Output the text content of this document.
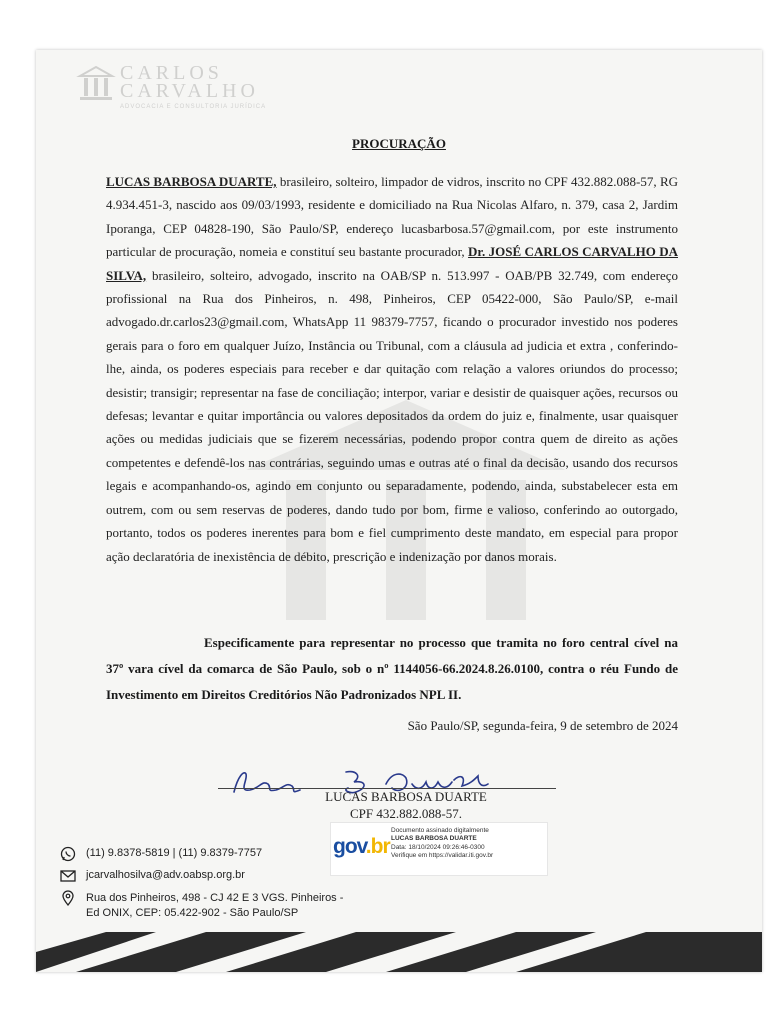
CARLOS
CARVALHO
ADVOCACIA E CONSULTORIA JURÍDICA
PROCURAÇÃO

LUCAS BARBOSA DUARTE, brasileiro, solteiro, limpador de vidros, inscrito no CPF 432.882.088-57, RG 4.934.451-3, nascido aos 09/03/1993, residente e domiciliado na Rua Nicolas Alfaro, n. 379, casa 2, Jardim Iporanga, CEP 04828-190, São Paulo/SP, endereço lucasbarbosa.57@gmail.com, por este instrumento particular de procuração, nomeia e constituí seu bastante procurador, Dr. JOSÉ CARLOS CARVALHO DA SILVA, brasileiro, solteiro, advogado, inscrito na OAB/SP n. 513.997 - OAB/PB 32.749, com endereço profissional na Rua dos Pinheiros, n. 498, Pinheiros, CEP 05422-000, São Paulo/SP, e-mail advogado.dr.carlos23@gmail.com, WhatsApp 11 98379-7757, ficando o procurador investido nos poderes gerais para o foro em qualquer Juízo, Instância ou Tribunal, com a cláusula ad judicia et extra , conferindo-lhe, ainda, os poderes especiais para receber e dar quitação com relação a valores oriundos do processo; desistir; transigir; representar na fase de conciliação; interpor, variar e desistir de quaisquer ações, recursos ou defesas; levantar e quitar importância ou valores depositados da ordem do juiz e, finalmente, usar quaisquer ações ou medidas judiciais que se fizerem necessárias, podendo propor contra quem de direito as ações competentes e defendê-los nas contrárias, seguindo umas e outras até o final da decisão, usando dos recursos legais e acompanhando-os, agindo em conjunto ou separadamente, podendo, ainda, substabelecer esta em outrem, com ou sem reservas de poderes, dando tudo por bom, firme e valioso, conferindo ao outorgado, portanto, todos os poderes inerentes para bom e fiel cumprimento deste mandato, em especial para propor ação declaratória de inexistência de débito, prescrição e indenização por danos morais.

Especificamente para representar no processo que tramita no foro central cível na 37º vara cível da comarca de São Paulo, sob o nº 1144056-66.2024.8.26.0100, contra o réu Fundo de Investimento em Direitos Creditórios Não Padronizados NPL II.
São Paulo/SP, segunda-feira, 9 de setembro de 2024
LUCAS BARBOSA DUARTE
CPF 432.882.088-57.
gov.br
Documento assinado digitalmente
LUCAS BARBOSA DUARTE
Data: 18/10/2024 09:26:46-0300
Verifique em https://validar.iti.gov.br
(11) 9.8378-5819 | (11) 9.8379-7757
jcarvalhosilva@adv.oabsp.org.br
Rua dos Pinheiros, 498 - CJ 42 E 3 VGS. Pinheiros -
Ed ONIX, CEP: 05.422-902 - São Paulo/SP
